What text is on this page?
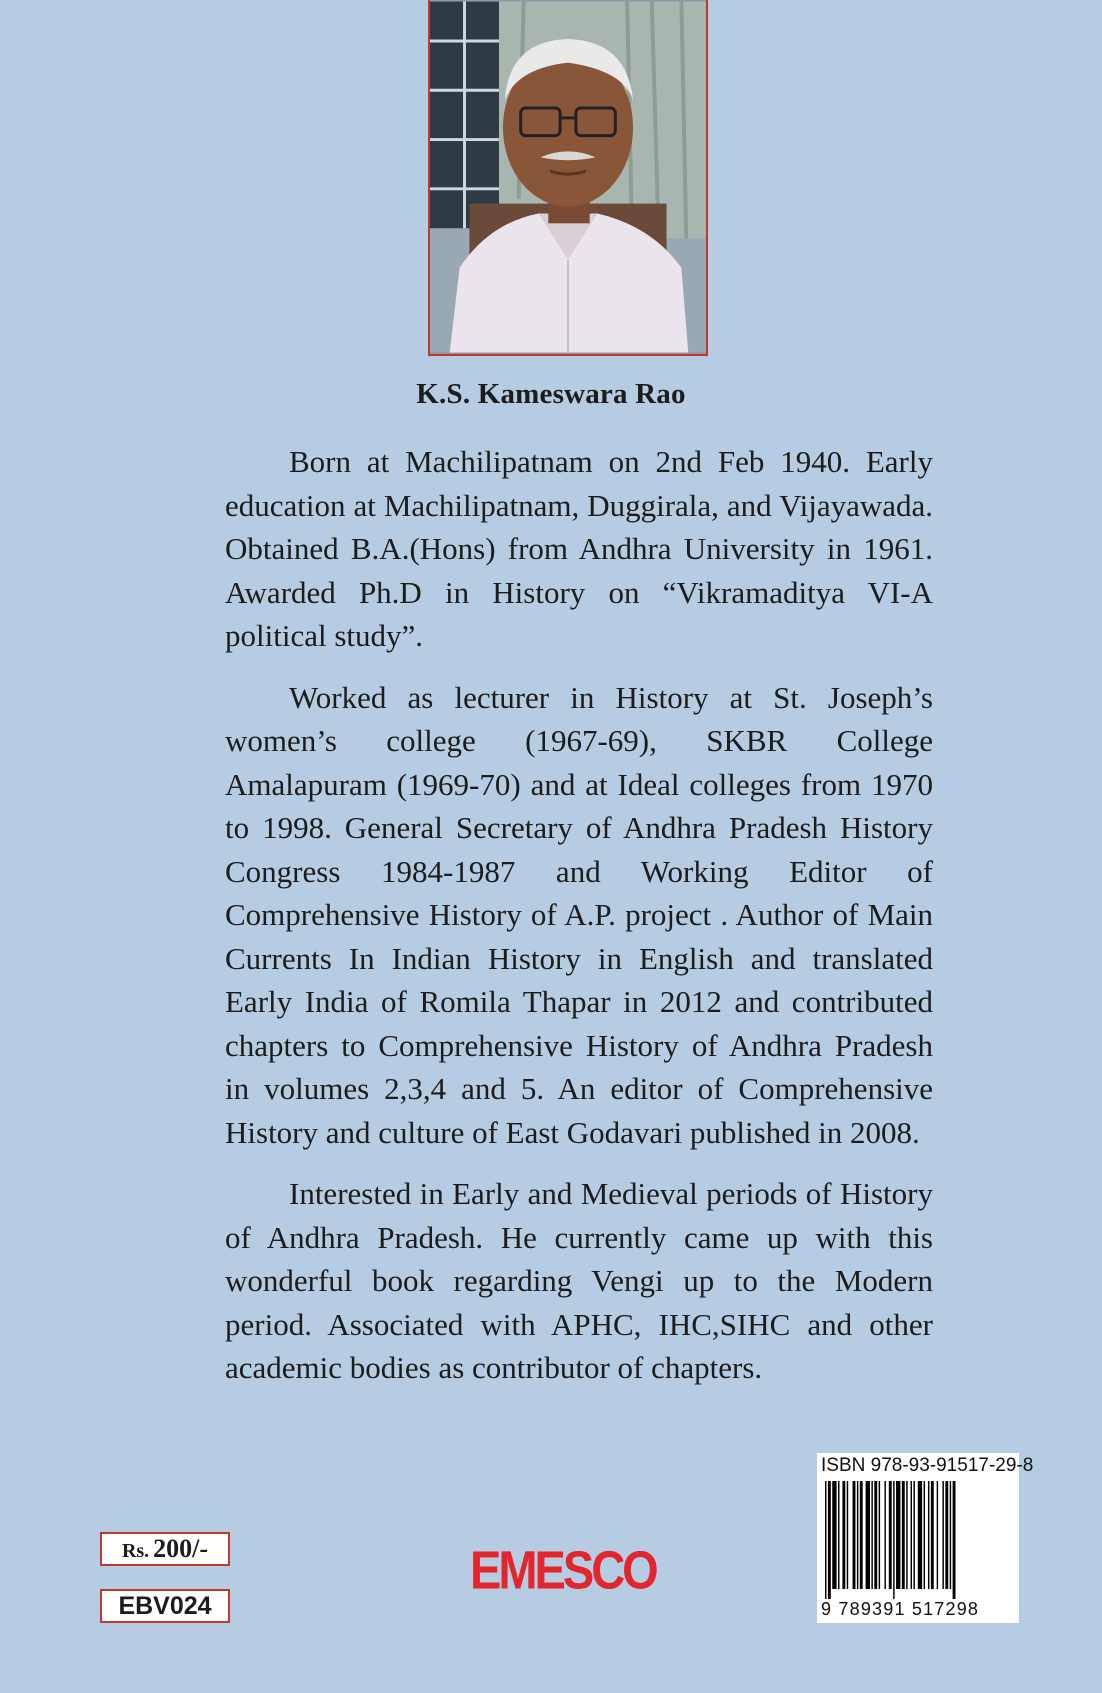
K.S. Kameswara Rao

Born at Machilipatnam on 2nd Feb 1940. Early education at Machilipatnam, Duggirala, and Vijayawada. Obtained B.A.(Hons) from Andhra University in 1961. Awarded Ph.D in History on “Vikramaditya VI-A political study”.

Worked as lecturer in History at St. Joseph’s women’s college (1967-69), SKBR College Amalapuram (1969-70) and at Ideal colleges from 1970 to 1998. General Secretary of Andhra Pradesh History Congress 1984-1987 and Working Editor of Comprehensive History of A.P. project . Author of Main Currents In Indian History in English and translated Early India of Romila Thapar in 2012 and contributed chapters to Comprehensive History of Andhra Pradesh in volumes 2,3,4 and 5. An editor of Comprehensive History and culture of East Godavari published in 2008.

Interested in Early and Medieval periods of History of Andhra Pradesh. He currently came up with this wonderful book regarding Vengi up to the Modern period. Associated with APHC, IHC,SIHC and other academic bodies as contributor of chapters.

Rs. 200/-
EBV024
EMESCO
ISBN 978-93-91517-29-8
9 789391 517298
